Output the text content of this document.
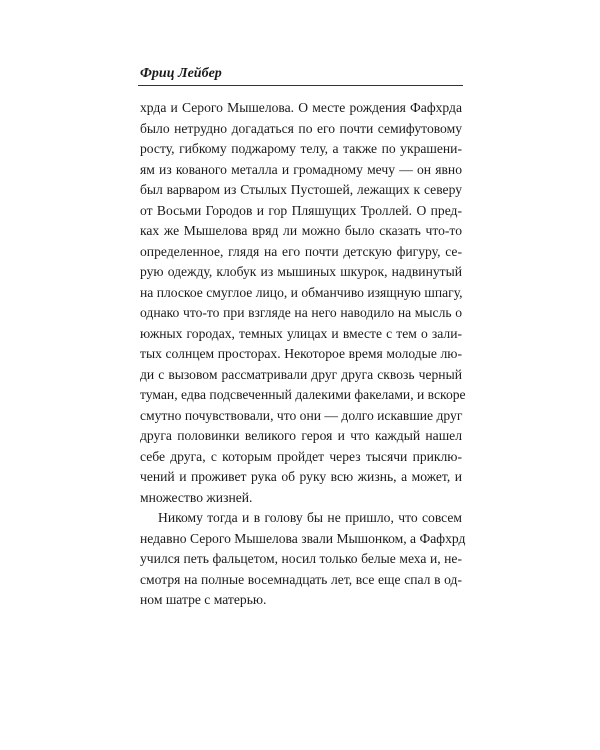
Фриц Лейбер

хрда и Серого Мышелова. О месте рождения Фафхрда
было нетрудно догадаться по его почти семифутовому
росту, гибкому поджарому телу, а также по украшени-
ям из кованого металла и громадному мечу — он явно
был варваром из Стылых Пустошей, лежащих к северу
от Восьми Городов и гор Пляшущих Троллей. О пред-
ках же Мышелова вряд ли можно было сказать что-то
определенное, глядя на его почти детскую фигуру, се-
рую одежду, клобук из мышиных шкурок, надвинутый
на плоское смуглое лицо, и обманчиво изящную шпагу,
однако что-то при взгляде на него наводило на мысль о
южных городах, темных улицах и вместе с тем о зали-
тых солнцем просторах. Некоторое время молодые лю-
ди с вызовом рассматривали друг друга сквозь черный
туман, едва подсвеченный далекими факелами, и вскоре
смутно почувствовали, что они — долго искавшие друг
друга половинки великого героя и что каждый нашел
себе друга, с которым пройдет через тысячи приклю-
чений и проживет рука об руку всю жизнь, а может, и
множество жизней.

Никому тогда и в голову бы не пришло, что совсем
недавно Серого Мышелова звали Мышонком, а Фафхрд
учился петь фальцетом, носил только белые меха и, не-
смотря на полные восемнадцать лет, все еще спал в од-
ном шатре с матерью.
